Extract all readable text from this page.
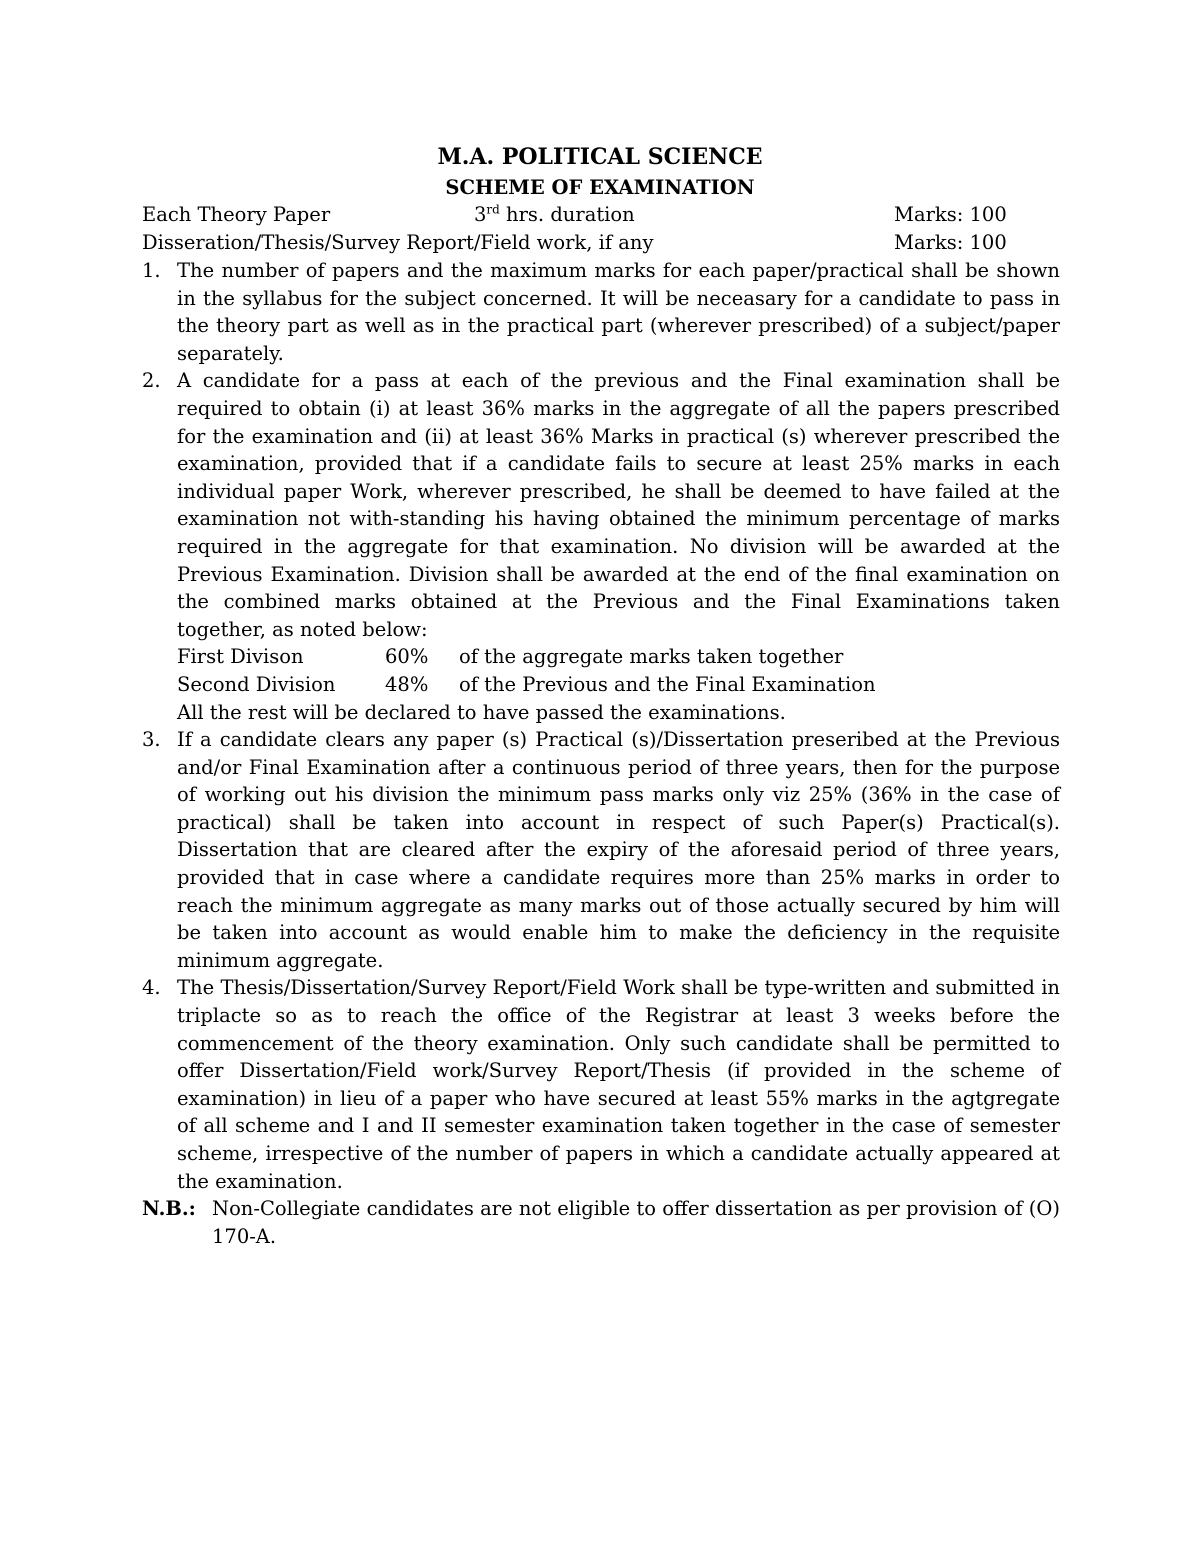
M.A. POLITICAL SCIENCE
SCHEME OF EXAMINATION
Each Theory Paper	3rd hrs. duration	Marks: 100
Disseration/Thesis/Survey Report/Field work, if any	Marks: 100
1. The number of papers and the maximum marks for each paper/practical shall be shown in the syllabus for the subject concerned. It will be neceasary for a candidate to pass in the theory part as well as in the practical part (wherever prescribed) of a subject/paper separately.

2. A candidate for a pass at each of the previous and the Final examination shall be required to obtain (i) at least 36% marks in the aggregate of all the papers prescribed for the examination and (ii) at least 36% Marks in practical (s) wherever prescribed the examination, provided that if a candidate fails to secure at least 25% marks in each individual paper Work, wherever prescribed, he shall be deemed to have failed at the examination not with-standing his having obtained the minimum percentage of marks required in the aggregate for that examination. No division will be awarded at the Previous Examination. Division shall be awarded at the end of the final examination on the combined marks obtained at the Previous and the Final Examinations taken together, as noted below:

First Divison	60% of the aggregate marks taken together
Second Division	48% of the Previous and the Final Examination

All the rest will be declared to have passed the examinations.

3. If a candidate clears any paper (s) Practical (s)/Dissertation preseribed at the Previous and/or Final Examination after a continuous period of three years, then for the purpose of working out his division the minimum pass marks only viz 25% (36% in the case of practical) shall be taken into account in respect of such Paper(s) Practical(s). Dissertation that are cleared after the expiry of the aforesaid period of three years, provided that in case where a candidate requires more than 25% marks in order to reach the minimum aggregate as many marks out of those actually secured by him will be taken into account as would enable him to make the deficiency in the requisite minimum aggregate.

4. The Thesis/Dissertation/Survey Report/Field Work shall be type-written and submitted in triplacte so as to reach the office of the Registrar at least 3 weeks before the commencement of the theory examination. Only such candidate shall be permitted to offer Dissertation/Field work/Survey Report/Thesis (if provided in the scheme of examination) in lieu of a paper who have secured at least 55% marks in the agtgregate of all scheme and I and II semester examination taken together in the case of semester scheme, irrespective of the number of papers in which a candidate actually appeared at the examination.

N.B.: Non-Collegiate candidates are not eligible to offer dissertation as per provision of (O) 170-A.
